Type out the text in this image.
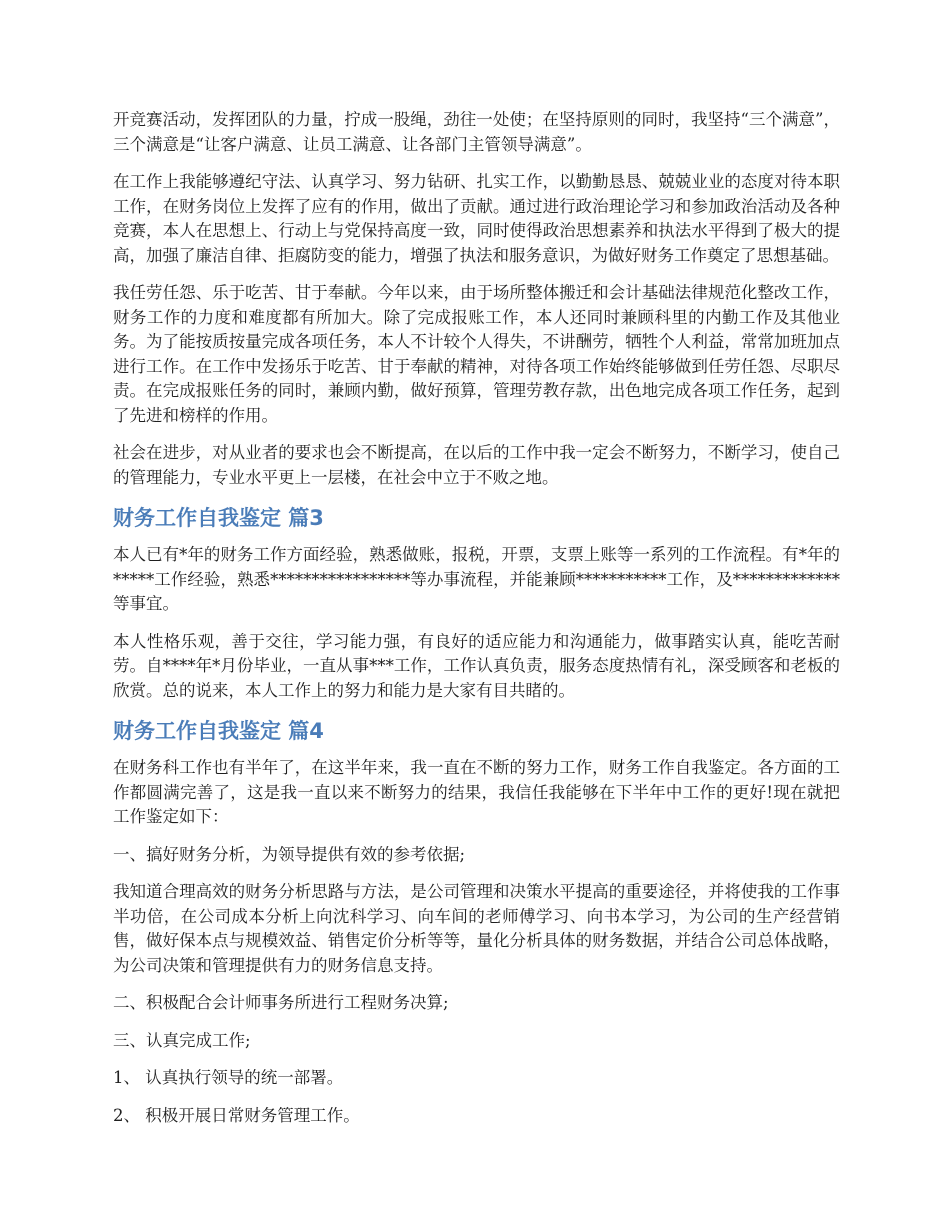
开竞赛活动，发挥团队的力量，拧成一股绳，劲往一处使；在坚持原则的同时，我坚持“三个满意”，三个满意是“让客户满意、让员工满意、让各部门主管领导满意”。

在工作上我能够遵纪守法、认真学习、努力钻研、扎实工作，以勤勤恳恳、兢兢业业的态度对待本职工作，在财务岗位上发挥了应有的作用，做出了贡献。通过进行政治理论学习和参加政治活动及各种竞赛，本人在思想上、行动上与党保持高度一致，同时使得政治思想素养和执法水平得到了极大的提高，加强了廉洁自律、拒腐防变的能力，增强了执法和服务意识，为做好财务工作奠定了思想基础。

我任劳任怨、乐于吃苦、甘于奉献。今年以来，由于场所整体搬迁和会计基础法律规范化整改工作，财务工作的力度和难度都有所加大。除了完成报账工作，本人还同时兼顾科里的内勤工作及其他业务。为了能按质按量完成各项任务，本人不计较个人得失，不讲酬劳，牺牲个人利益，常常加班加点进行工作。在工作中发扬乐于吃苦、甘于奉献的精神，对待各项工作始终能够做到任劳任怨、尽职尽责。在完成报账任务的同时，兼顾内勤，做好预算，管理劳教存款，出色地完成各项工作任务，起到了先进和榜样的作用。

社会在进步，对从业者的要求也会不断提高，在以后的工作中我一定会不断努力，不断学习，使自己的管理能力，专业水平更上一层楼，在社会中立于不败之地。

财务工作自我鉴定 篇3

本人已有*年的财务工作方面经验，熟悉做账，报税，开票，支票上账等一系列的工作流程。有*年的*****工作经验，熟悉*****************等办事流程，并能兼顾***********工作，及*************等事宜。

本人性格乐观，善于交往，学习能力强，有良好的适应能力和沟通能力，做事踏实认真，能吃苦耐劳。自****年*月份毕业，一直从事***工作，工作认真负责，服务态度热情有礼，深受顾客和老板的欣赏。总的说来，本人工作上的努力和能力是大家有目共睹的。

财务工作自我鉴定 篇4

在财务科工作也有半年了，在这半年来，我一直在不断的努力工作，财务工作自我鉴定。各方面的工作都圆满完善了，这是我一直以来不断努力的结果，我信任我能够在下半年中工作的更好!现在就把工作鉴定如下：

一、搞好财务分析，为领导提供有效的参考依据;

我知道合理高效的财务分析思路与方法，是公司管理和决策水平提高的重要途径，并将使我的工作事半功倍，在公司成本分析上向沈科学习、向车间的老师傅学习、向书本学习，为公司的生产经营销售，做好保本点与规模效益、销售定价分析等等，量化分析具体的财务数据，并结合公司总体战略，为公司决策和管理提供有力的财务信息支持。

二、积极配合会计师事务所进行工程财务决算;

三、认真完成工作;

1、 认真执行领导的统一部署。

2、 积极开展日常财务管理工作。
